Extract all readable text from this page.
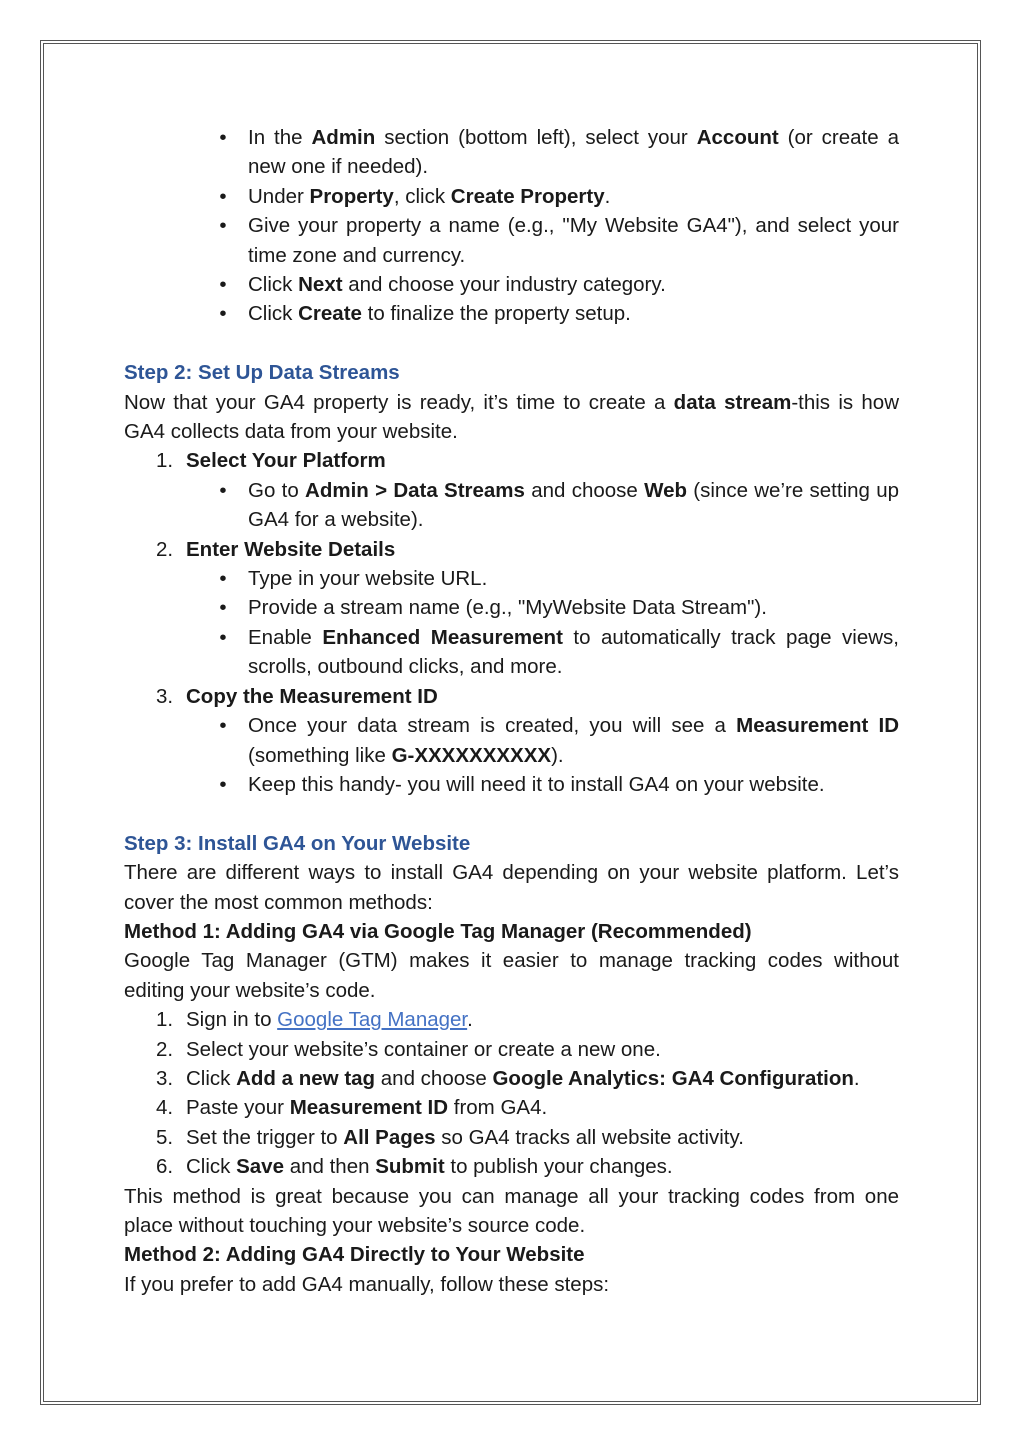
• In the Admin section (bottom left), select your Account (or create a new one if needed).
• Under Property, click Create Property.
• Give your property a name (e.g., "My Website GA4"), and select your time zone and currency.
• Click Next and choose your industry category.
• Click Create to finalize the property setup.

Step 2: Set Up Data Streams

Now that your GA4 property is ready, it’s time to create a data stream-this is how GA4 collects data from your website.

1. Select Your Platform
• Go to Admin > Data Streams and choose Web (since we’re setting up GA4 for a website).
2. Enter Website Details
• Type in your website URL.
• Provide a stream name (e.g., "MyWebsite Data Stream").
• Enable Enhanced Measurement to automatically track page views, scrolls, outbound clicks, and more.
3. Copy the Measurement ID
• Once your data stream is created, you will see a Measurement ID (something like G-XXXXXXXXXX).
• Keep this handy- you will need it to install GA4 on your website.

Step 3: Install GA4 on Your Website

There are different ways to install GA4 depending on your website platform. Let’s cover the most common methods:

Method 1: Adding GA4 via Google Tag Manager (Recommended)

Google Tag Manager (GTM) makes it easier to manage tracking codes without editing your website’s code.

1. Sign in to Google Tag Manager.
2. Select your website’s container or create a new one.
3. Click Add a new tag and choose Google Analytics: GA4 Configuration.
4. Paste your Measurement ID from GA4.
5. Set the trigger to All Pages so GA4 tracks all website activity.
6. Click Save and then Submit to publish your changes.

This method is great because you can manage all your tracking codes from one place without touching your website’s source code.

Method 2: Adding GA4 Directly to Your Website

If you prefer to add GA4 manually, follow these steps:
